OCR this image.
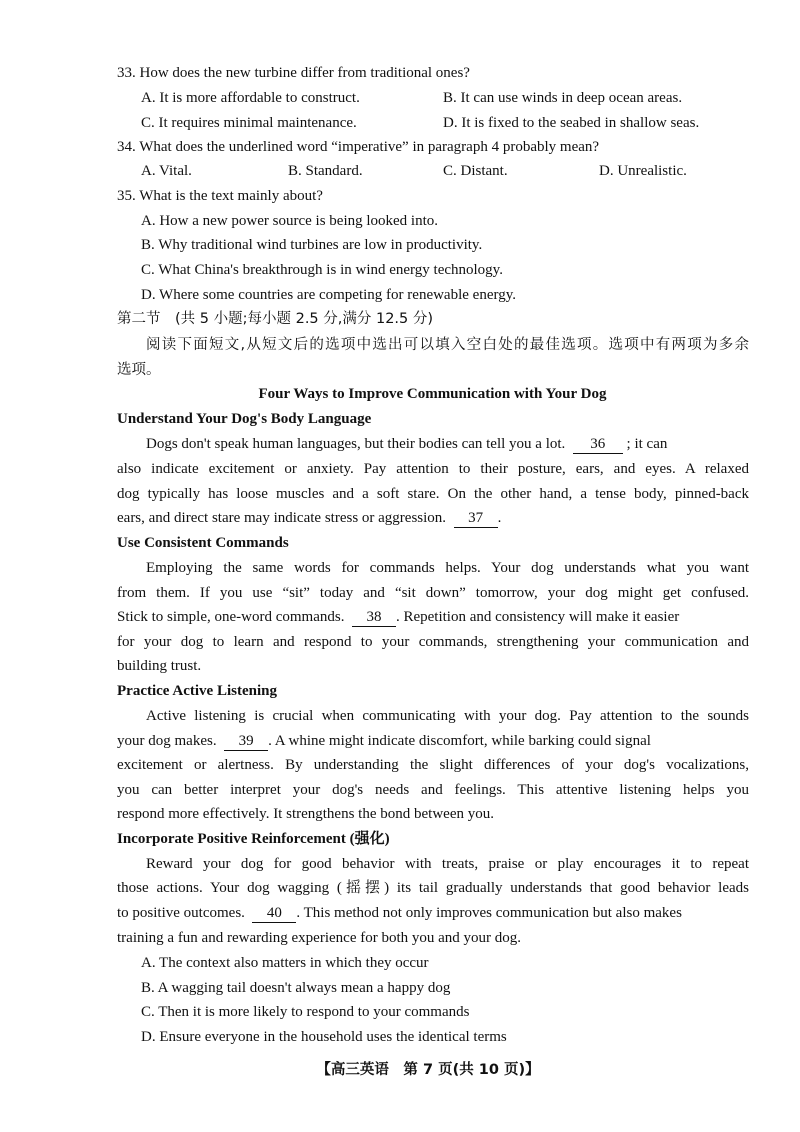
33. How does the new turbine differ from traditional ones?
A. It is more affordable to construct.	B. It can use winds in deep ocean areas.
C. It requires minimal maintenance.	D. It is fixed to the seabed in shallow seas.
34. What does the underlined word “imperative” in paragraph 4 probably mean?
A. Vital.	B. Standard.	C. Distant.	D. Unrealistic.
35. What is the text mainly about?
A. How a new power source is being looked into.
B. Why traditional wind turbines are low in productivity.
C. What China's breakthrough is in wind energy technology.
D. Where some countries are competing for renewable energy.
第二节　(共 5 小题;每小题 2.5 分,满分 12.5 分)
阅读下面短文,从短文后的选项中选出可以填入空白处的最佳选项。选项中有两项为多余
选项。
Four Ways to Improve Communication with Your Dog
Understand Your Dog's Body Language
Dogs don't speak human languages, but their bodies can tell you a lot. 36 ; it can
also indicate excitement or anxiety. Pay attention to their posture, ears, and eyes. A relaxed
dog typically has loose muscles and a soft stare. On the other hand, a tense body, pinned-back
ears, and direct stare may indicate stress or aggression. 37 .
Use Consistent Commands
Employing the same words for commands helps. Your dog understands what you want
from them. If you use “sit” today and “sit down” tomorrow, your dog might get confused.
Stick to simple, one-word commands. 38 . Repetition and consistency will make it easier
for your dog to learn and respond to your commands, strengthening your communication and
building trust.
Practice Active Listening
Active listening is crucial when communicating with your dog. Pay attention to the sounds
your dog makes. 39 . A whine might indicate discomfort, while barking could signal
excitement or alertness. By understanding the slight differences of your dog's vocalizations,
you can better interpret your dog's needs and feelings. This attentive listening helps you
respond more effectively. It strengthens the bond between you.
Incorporate Positive Reinforcement (强化)
Reward your dog for good behavior with treats, praise or play encourages it to repeat
those actions. Your dog wagging (摇摆) its tail gradually understands that good behavior leads
to positive outcomes. 40 . This method not only improves communication but also makes
training a fun and rewarding experience for both you and your dog.
A. The context also matters in which they occur
B. A wagging tail doesn't always mean a happy dog
C. Then it is more likely to respond to your commands
D. Ensure everyone in the household uses the identical terms
【高三英语　第 7 页(共 10 页)】
